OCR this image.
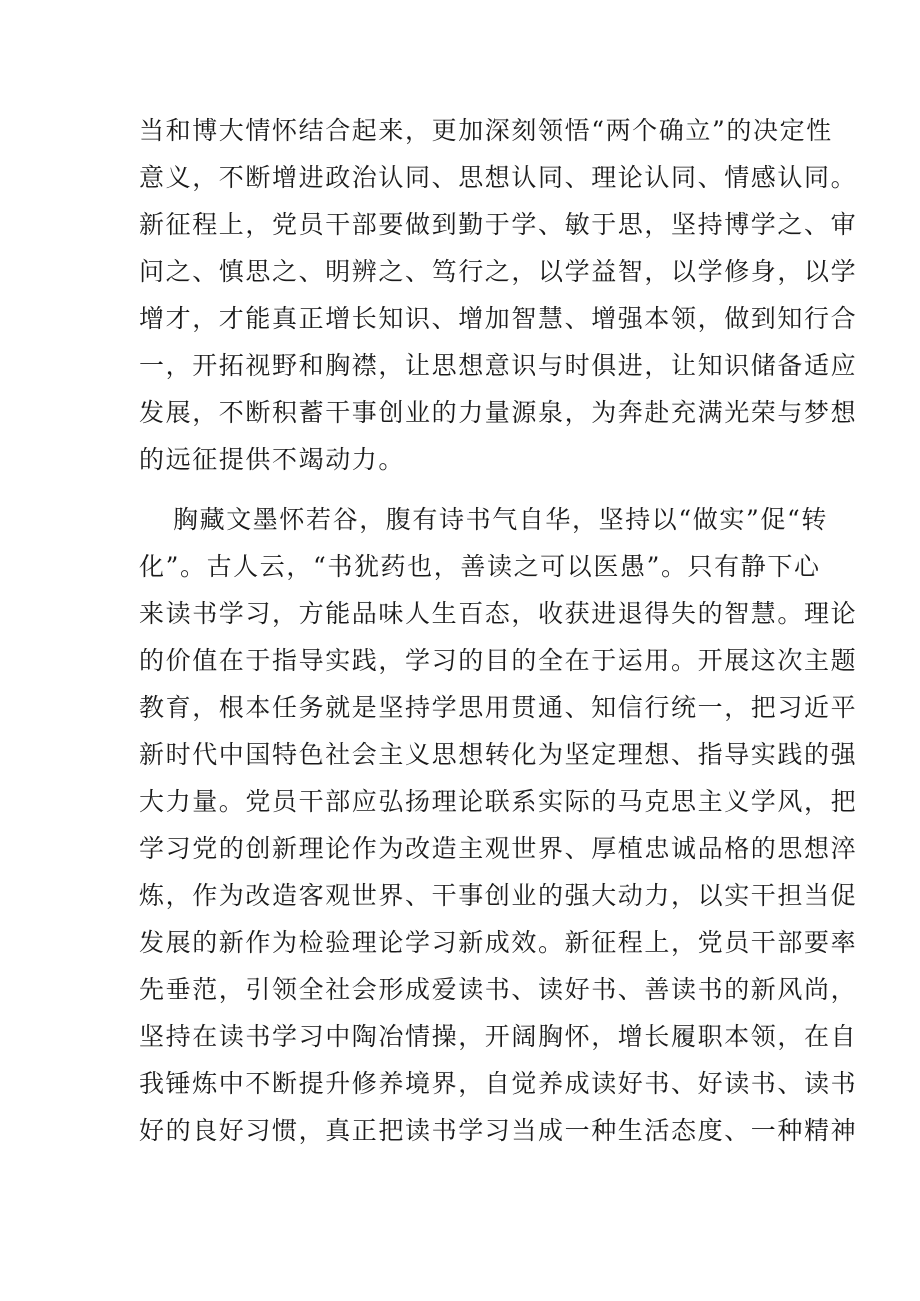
当和博大情怀结合起来，更加深刻领悟“两个确立”的决定性
意义，不断增进政治认同、思想认同、理论认同、情感认同。
新征程上，党员干部要做到勤于学、敏于思，坚持博学之、审
问之、慎思之、明辨之、笃行之，以学益智，以学修身，以学
增才，才能真正增长知识、增加智慧、增强本领，做到知行合
一，开拓视野和胸襟，让思想意识与时俱进，让知识储备适应
发展，不断积蓄干事创业的力量源泉，为奔赴充满光荣与梦想
的远征提供不竭动力。
胸藏文墨怀若谷，腹有诗书气自华，坚持以“做实”促“转
化”。古人云，“书犹药也，善读之可以医愚”。只有静下心
来读书学习，方能品味人生百态，收获进退得失的智慧。理论
的价值在于指导实践，学习的目的全在于运用。开展这次主题
教育，根本任务就是坚持学思用贯通、知信行统一，把习近平
新时代中国特色社会主义思想转化为坚定理想、指导实践的强
大力量。党员干部应弘扬理论联系实际的马克思主义学风，把
学习党的创新理论作为改造主观世界、厚植忠诚品格的思想淬
炼，作为改造客观世界、干事创业的强大动力，以实干担当促
发展的新作为检验理论学习新成效。新征程上，党员干部要率
先垂范，引领全社会形成爱读书、读好书、善读书的新风尚，
坚持在读书学习中陶冶情操，开阔胸怀，增长履职本领，在自
我锤炼中不断提升修养境界，自觉养成读好书、好读书、读书
好的良好习惯，真正把读书学习当成一种生活态度、一种精神
